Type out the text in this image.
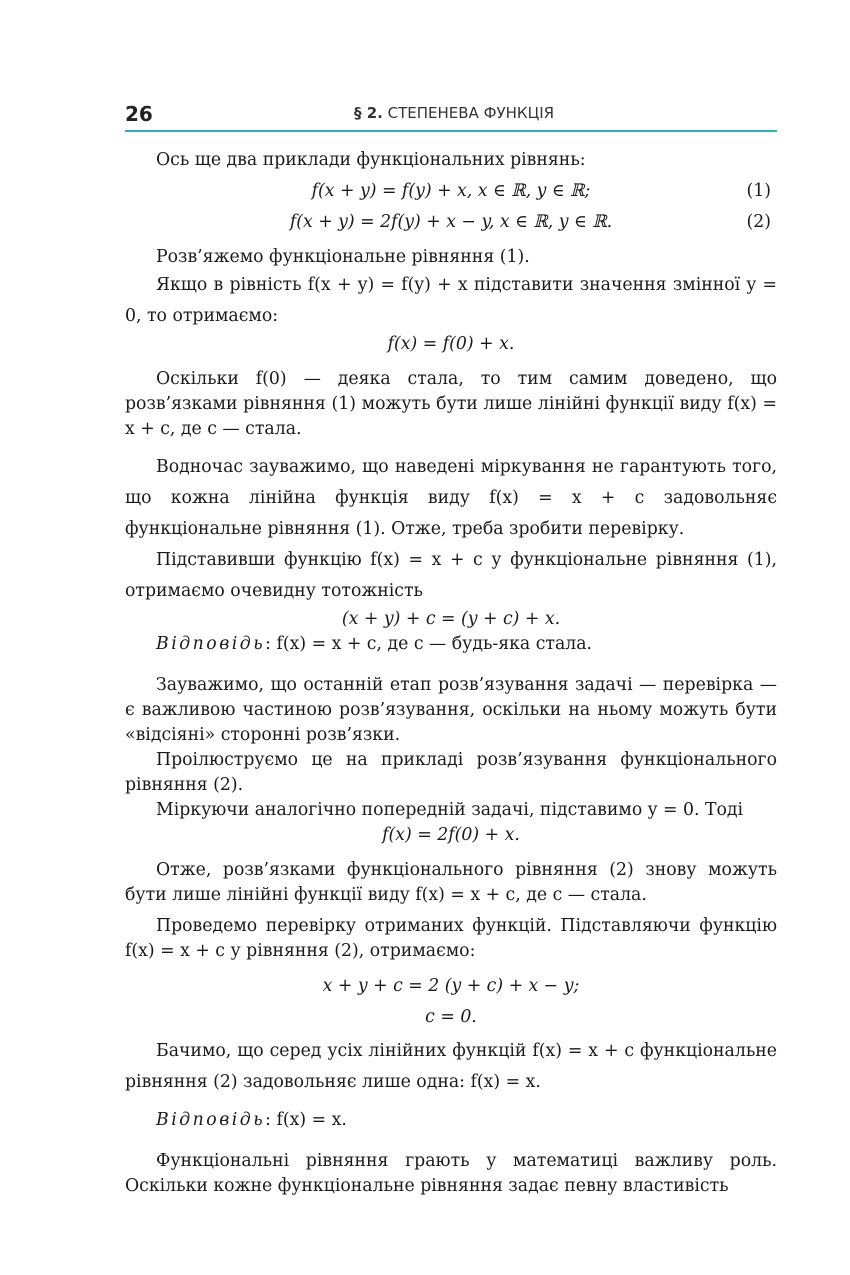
26	§ 2. СТЕПЕНЕВА ФУНКЦІЯ

Ось ще два приклади функціональних рівнянь:

f(x + y) = f(y) + x, x ∈ ℝ, y ∈ ℝ;	(1)
f(x + y) = 2f(y) + x − y, x ∈ ℝ, y ∈ ℝ.	(2)

Розв’яжемо функціональне рівняння (1).

Якщо в рівність f(x + y) = f(y) + x підставити значення змінної y = 0, то отримаємо:

f(x) = f(0) + x.

Оскільки f(0) — деяка стала, то тим самим доведено, що розв’язками рівняння (1) можуть бути лише лінійні функції виду f(x) = x + c, де c — стала.

Водночас зауважимо, що наведені міркування не гарантують того, що кожна лінійна функція виду f(x) = x + c задовольняє функціональне рівняння (1). Отже, треба зробити перевірку.

Підставивши функцію f(x) = x + c у функціональне рівняння (1), отримаємо очевидну тотожність

(x + y) + c = (y + c) + x.

Відповідь: f(x) = x + c, де c — будь-яка стала.

Зауважимо, що останній етап розв’язування задачі — перевірка — є важливою частиною розв’язування, оскільки на ньому можуть бути «відсіяні» сторонні розв’язки.

Проілюструємо це на прикладі розв’язування функціонального рівняння (2).

Міркуючи аналогічно попередній задачі, підставимо y = 0. Тоді

f(x) = 2f(0) + x.

Отже, розв’язками функціонального рівняння (2) знову можуть бути лише лінійні функції виду f(x) = x + c, де c — стала.

Проведемо перевірку отриманих функцій. Підставляючи функцію f(x) = x + c у рівняння (2), отримаємо:

x + y + c = 2 (y + c) + x − y;
c = 0.

Бачимо, що серед усіх лінійних функцій f(x) = x + c функціональне рівняння (2) задовольняє лише одна: f(x) = x.

Відповідь: f(x) = x.

Функціональні рівняння грають у математиці важливу роль. Оскільки кожне функціональне рівняння задає певну властивість
